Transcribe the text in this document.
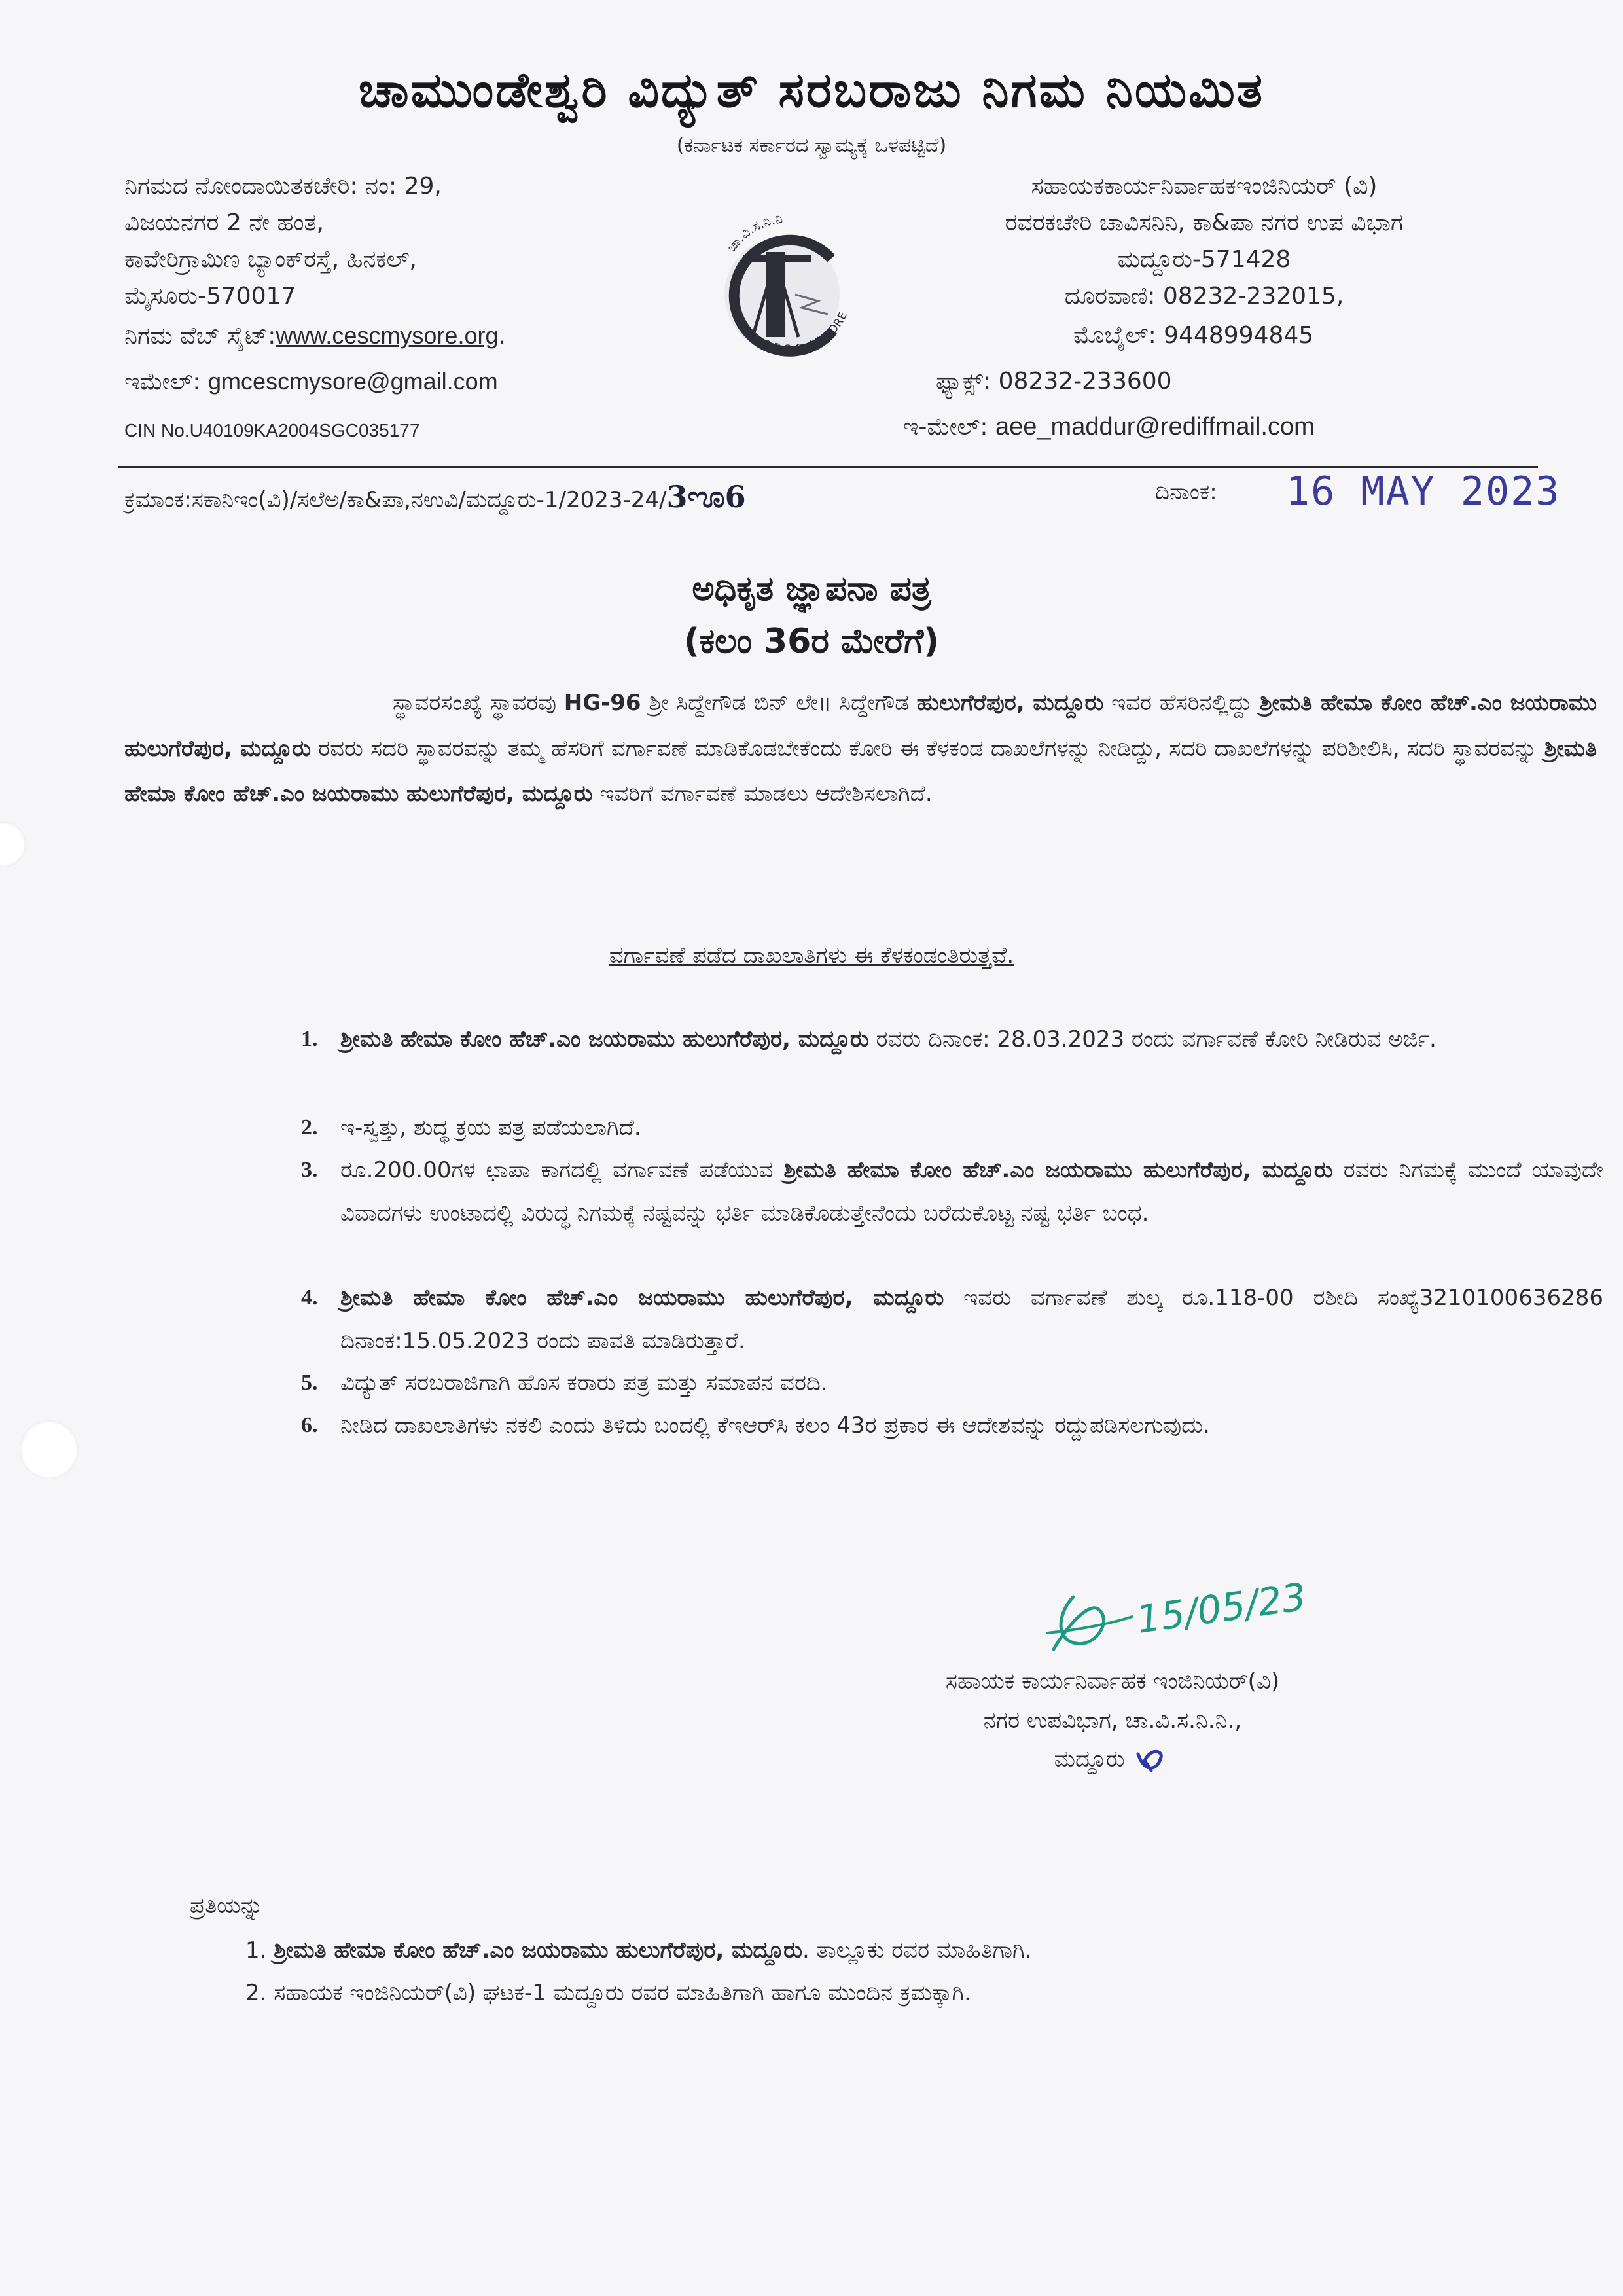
ಚಾಮುಂಡೇಶ್ವರಿ ವಿದ್ಯುತ್ ಸರಬರಾಜು ನಿಗಮ ನಿಯಮಿತ
(ಕರ್ನಾಟಕ ಸರ್ಕಾರದ ಸ್ವಾಮ್ಯಕ್ಕೆ ಒಳಪಟ್ಟಿದೆ)
ನಿಗಮದ ನೋಂದಾಯಿತಕಚೇರಿ: ನಂ: 29,
ವಿಜಯನಗರ 2 ನೇ ಹಂತ,
ಕಾವೇರಿಗ್ರಾಮಿಣ ಬ್ಯಾಂಕ್‌ರಸ್ತೆ, ಹಿನಕಲ್,
ಮೈಸೂರು-570017
ನಿಗಮ ವೆಬ್ ಸೈಟ್:www.cescmysore.org.
ಇಮೇಲ್: gmcescmysore@gmail.com
CIN No.U40109KA2004SGC035177
ಚಾ.ವಿ.ಸ.ನಿ.ನಿ
C E S C, MYSORE
ಸಹಾಯಕಕಾರ್ಯನಿರ್ವಾಹಕಇಂಜಿನಿಯರ್ (ವಿ)
ರವರಕಚೇರಿ ಚಾವಿಸನಿನಿ, ಕಾ&ಪಾ ನಗರ ಉಪ ವಿಭಾಗ
ಮದ್ದೂರು-571428
ದೂರವಾಣಿ: 08232-232015,
ಮೊಬೈಲ್: 9448994845
ಫ್ಯಾಕ್ಸ್: 08232-233600
ಇ-ಮೇಲ್: aee_maddur@rediffmail.com
ಕ್ರಮಾಂಕ:ಸಕಾನಿಇಂ(ವಿ)/ಸಲೆಅ/ಕಾ&ಪಾ,ನಉವಿ/ಮದ್ದೂರು-1/2023-24/3ೡ6	ದಿನಾಂಕ: 16 MAY 2023
ಅಧಿಕೃತ ಜ್ಞಾಪನಾ ಪತ್ರ
(ಕಲಂ 36ರ ಮೇರೆಗೆ)
ಸ್ಥಾವರಸಂಖ್ಯೆ ಸ್ಥಾವರವು HG-96 ಶ್ರೀ ಸಿದ್ದೇಗೌಡ ಬಿನ್ ಲೇ॥ ಸಿದ್ದೇಗೌಡ ಹುಲುಗೆರೆಪುರ, ಮದ್ದೂರು ಇವರ ಹೆಸರಿನಲ್ಲಿದ್ದು ಶ್ರೀಮತಿ ಹೇಮಾ ಕೋಂ ಹೆಚ್.ಎಂ ಜಯರಾಮು ಹುಲುಗೆರೆಪುರ, ಮದ್ದೂರು ರವರು ಸದರಿ ಸ್ಥಾವರವನ್ನು ತಮ್ಮ ಹೆಸರಿಗೆ ವರ್ಗಾವಣೆ ಮಾಡಿಕೊಡಬೇಕೆಂದು ಕೋರಿ ಈ ಕೆಳಕಂಡ ದಾಖಲೆಗಳನ್ನು ನೀಡಿದ್ದು, ಸದರಿ ದಾಖಲೆಗಳನ್ನು ಪರಿಶೀಲಿಸಿ, ಸದರಿ ಸ್ಥಾವರವನ್ನು ಶ್ರೀಮತಿ ಹೇಮಾ ಕೋಂ ಹೆಚ್.ಎಂ ಜಯರಾಮು ಹುಲುಗೆರೆಪುರ, ಮದ್ದೂರು ಇವರಿಗೆ ವರ್ಗಾವಣೆ ಮಾಡಲು ಆದೇಶಿಸಲಾಗಿದೆ.
ವರ್ಗಾವಣೆ ಪಡೆದ ದಾಖಲಾತಿಗಳು ಈ ಕೆಳಕಂಡಂತಿರುತ್ತವೆ.
1. ಶ್ರೀಮತಿ ಹೇಮಾ ಕೋಂ ಹೆಚ್.ಎಂ ಜಯರಾಮು ಹುಲುಗೆರೆಪುರ, ಮದ್ದೂರು ರವರು ದಿನಾಂಕ: 28.03.2023 ರಂದು ವರ್ಗಾವಣೆ ಕೋರಿ ನೀಡಿರುವ ಅರ್ಜಿ.
2. ಇ-ಸ್ವತ್ತು, ಶುದ್ಧ ಕ್ರಯ ಪತ್ರ ಪಡೆಯಲಾಗಿದೆ.
3. ರೂ.200.00ಗಳ ಛಾಪಾ ಕಾಗದಲ್ಲಿ ವರ್ಗಾವಣೆ ಪಡೆಯುವ ಶ್ರೀಮತಿ ಹೇಮಾ ಕೋಂ ಹೆಚ್.ಎಂ ಜಯರಾಮು ಹುಲುಗೆರೆಪುರ, ಮದ್ದೂರು ರವರು ನಿಗಮಕ್ಕೆ ಮುಂದೆ ಯಾವುದೇ ವಿವಾದಗಳು ಉಂಟಾದಲ್ಲಿ ವಿರುದ್ಧ ನಿಗಮಕ್ಕೆ ನಷ್ಟವನ್ನು ಭರ್ತಿ ಮಾಡಿಕೊಡುತ್ತೇನೆಂದು ಬರೆದುಕೊಟ್ಟ ನಷ್ಟ ಭರ್ತಿ ಬಂಧ.
4. ಶ್ರೀಮತಿ ಹೇಮಾ ಕೋಂ ಹೆಚ್.ಎಂ ಜಯರಾಮು ಹುಲುಗೆರೆಪುರ, ಮದ್ದೂರು ಇವರು ವರ್ಗಾವಣೆ ಶುಲ್ಕ ರೂ.118-00 ರಶೀದಿ ಸಂಖ್ಯೆ3210100636286 ದಿನಾಂಕ:15.05.2023 ರಂದು ಪಾವತಿ ಮಾಡಿರುತ್ತಾರೆ.
5. ವಿದ್ಯುತ್ ಸರಬರಾಜಿಗಾಗಿ ಹೊಸ ಕರಾರು ಪತ್ರ ಮತ್ತು ಸಮಾಪನ ವರದಿ.
6. ನೀಡಿದ ದಾಖಲಾತಿಗಳು ನಕಲಿ ಎಂದು ತಿಳಿದು ಬಂದಲ್ಲಿ ಕೆಇಆರ್‌ಸಿ ಕಲಂ 43ರ ಪ್ರಕಾರ ಈ ಆದೇಶವನ್ನು ರದ್ದುಪಡಿಸಲಗುವುದು.
15/05/23
ಸಹಾಯಕ ಕಾರ್ಯನಿರ್ವಾಹಕ ಇಂಜಿನಿಯರ್(ವಿ)
ನಗರ ಉಪವಿಭಾಗ, ಚಾ.ವಿ.ಸ.ನಿ.ನಿ.,
ಮದ್ದೂರು
ಪ್ರತಿಯನ್ನು
1. ಶ್ರೀಮತಿ ಹೇಮಾ ಕೋಂ ಹೆಚ್.ಎಂ ಜಯರಾಮು ಹುಲುಗೆರೆಪುರ, ಮದ್ದೂರು. ತಾಲ್ಲೂಕು ರವರ ಮಾಹಿತಿಗಾಗಿ.
2. ಸಹಾಯಕ ಇಂಜಿನಿಯರ್(ವಿ) ಘಟಕ-1 ಮದ್ದೂರು ರವರ ಮಾಹಿತಿಗಾಗಿ ಹಾಗೂ ಮುಂದಿನ ಕ್ರಮಕ್ಕಾಗಿ.
